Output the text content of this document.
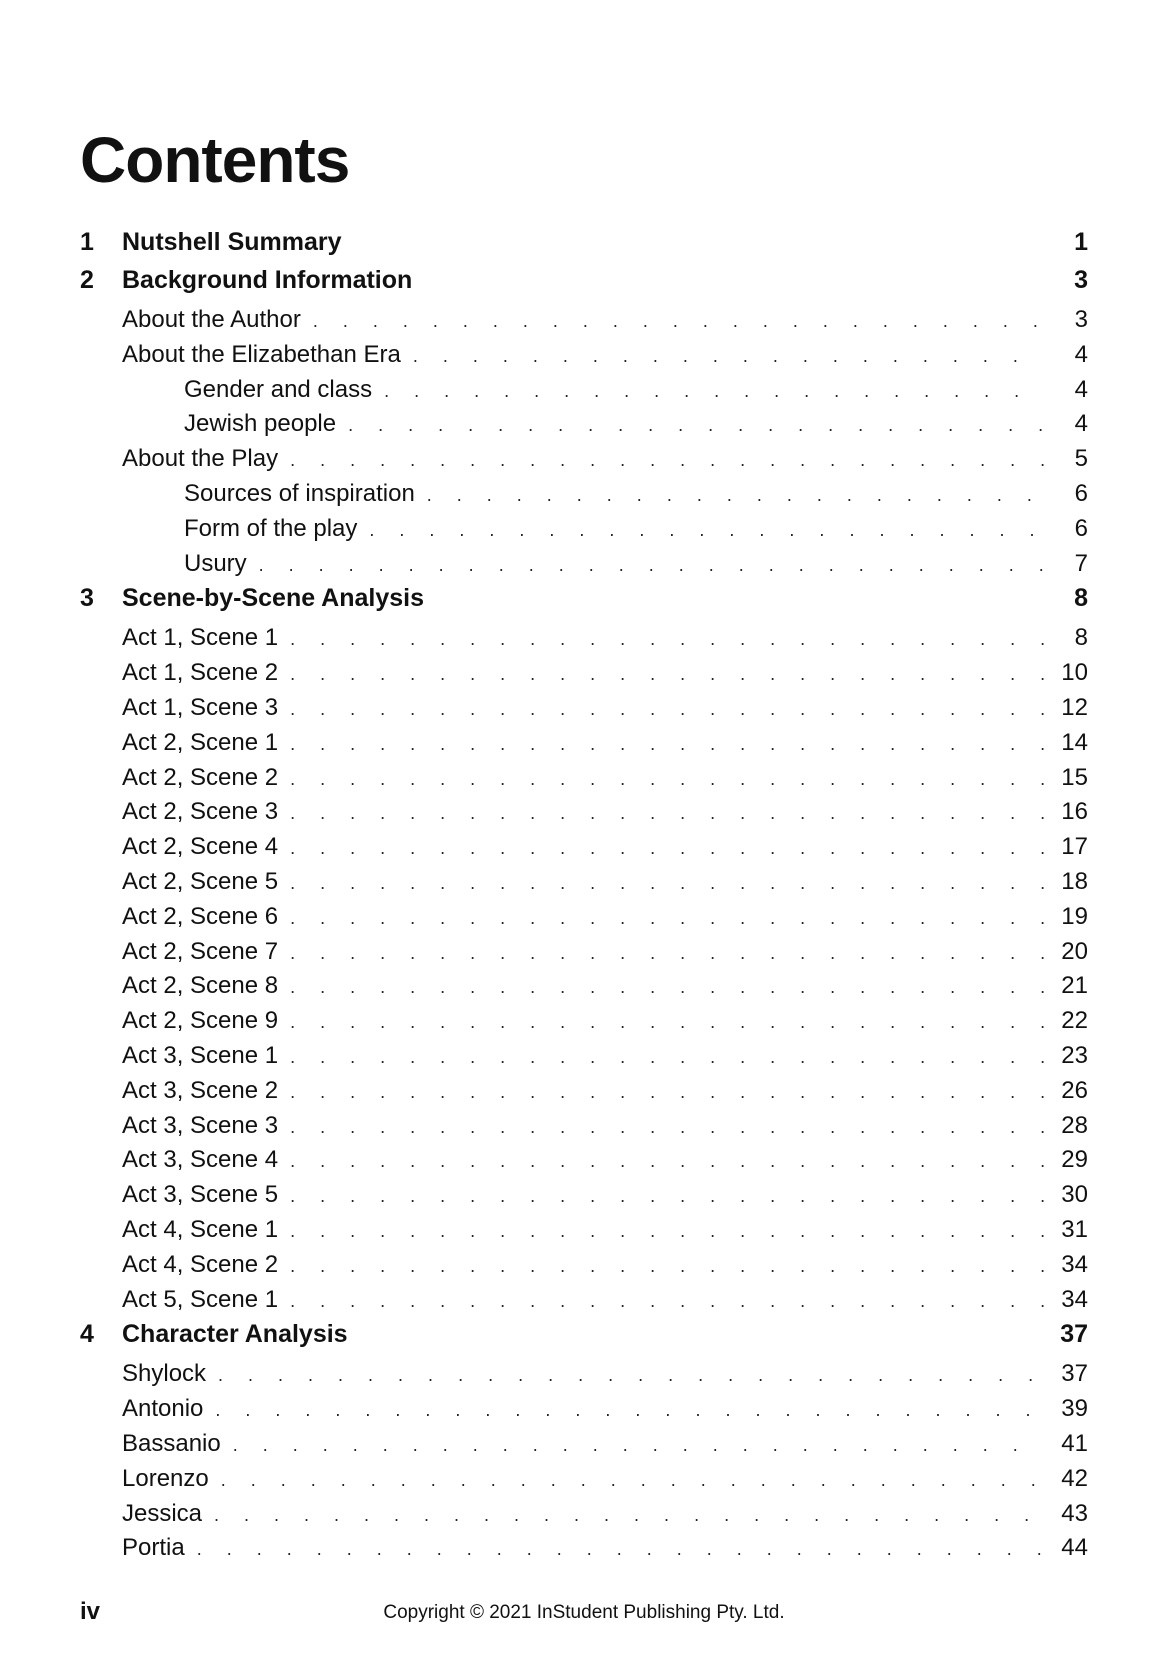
Contents
1	Nutshell Summary	1
2	Background Information	3
About the Author . . .	3
About the Elizabethan Era . . .	4
Gender and class . . .	4
Jewish people . . .	4
About the Play . . .	5
Sources of inspiration . . .	6
Form of the play . . .	6
Usury . . .	7
3	Scene-by-Scene Analysis	8
Act 1, Scene 1 . . .	8
Act 1, Scene 2 . . .	10
Act 1, Scene 3 . . .	12
Act 2, Scene 1 . . .	14
Act 2, Scene 2 . . .	15
Act 2, Scene 3 . . .	16
Act 2, Scene 4 . . .	17
Act 2, Scene 5 . . .	18
Act 2, Scene 6 . . .	19
Act 2, Scene 7 . . .	20
Act 2, Scene 8 . . .	21
Act 2, Scene 9 . . .	22
Act 3, Scene 1 . . .	23
Act 3, Scene 2 . . .	26
Act 3, Scene 3 . . .	28
Act 3, Scene 4 . . .	29
Act 3, Scene 5 . . .	30
Act 4, Scene 1 . . .	31
Act 4, Scene 2 . . .	34
Act 5, Scene 1 . . .	34
4	Character Analysis	37
Shylock . . .	37
Antonio . . .	39
Bassanio . . .	41
Lorenzo . . .	42
Jessica . . .	43
Portia . . .	44
iv	Copyright © 2021 InStudent Publishing Pty. Ltd.
